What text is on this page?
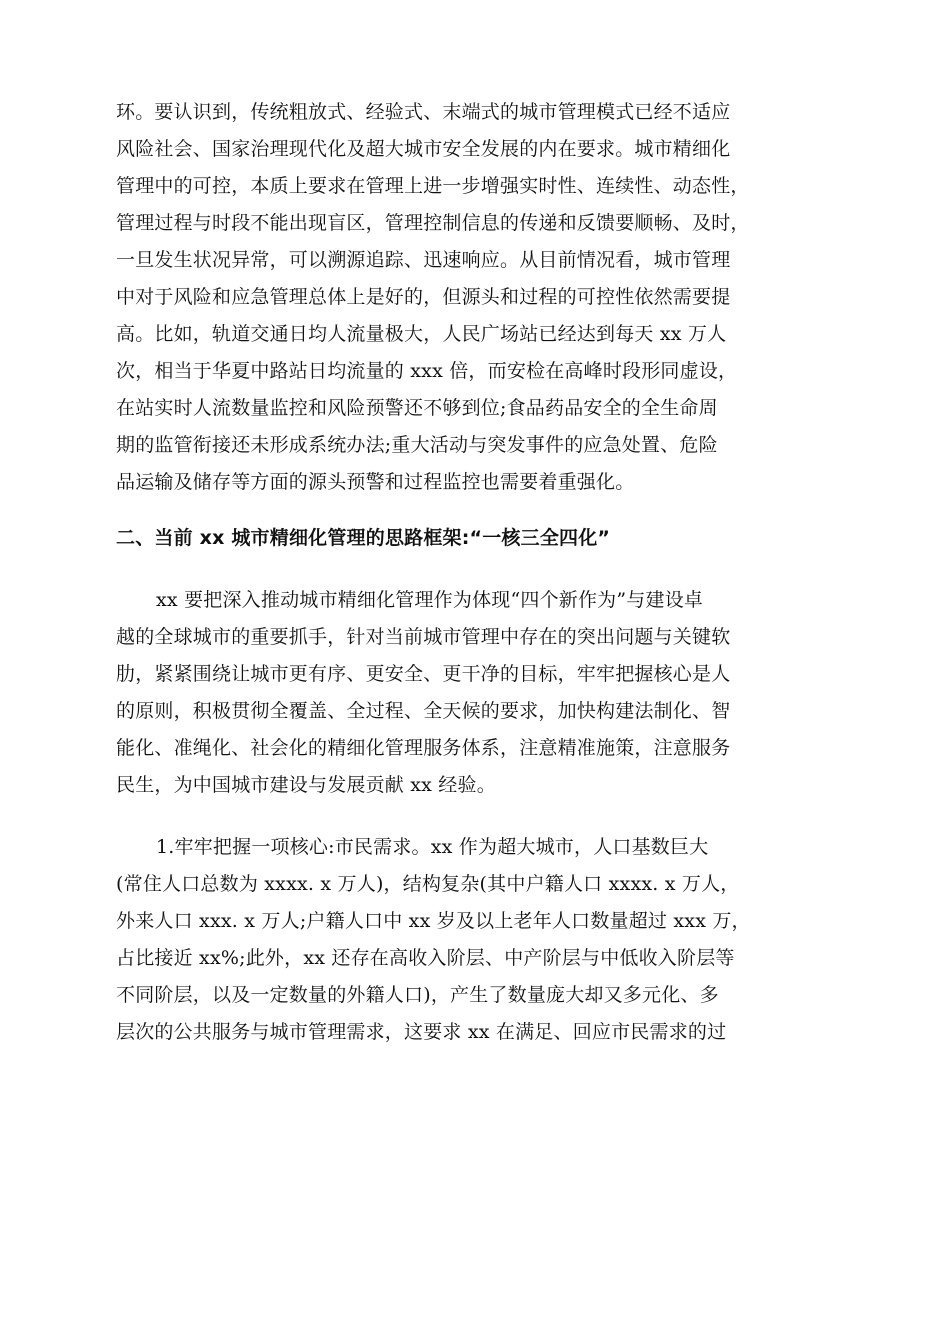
环。要认识到，传统粗放式、经验式、末端式的城市管理模式已经不适应
风险社会、国家治理现代化及超大城市安全发展的内在要求。城市精细化
管理中的可控，本质上要求在管理上进一步增强实时性、连续性、动态性，
管理过程与时段不能出现盲区，管理控制信息的传递和反馈要顺畅、及时，
一旦发生状况异常，可以溯源追踪、迅速响应。从目前情况看，城市管理
中对于风险和应急管理总体上是好的，但源头和过程的可控性依然需要提
高。比如，轨道交通日均人流量极大，人民广场站已经达到每天 xx 万人
次，相当于华夏中路站日均流量的 xxx 倍，而安检在高峰时段形同虚设，
在站实时人流数量监控和风险预警还不够到位;食品药品安全的全生命周
期的监管衔接还未形成系统办法;重大活动与突发事件的应急处置、危险
品运输及储存等方面的源头预警和过程监控也需要着重强化。
二、当前 xx 城市精细化管理的思路框架:“一核三全四化”
xx 要把深入推动城市精细化管理作为体现“四个新作为”与建设卓
越的全球城市的重要抓手，针对当前城市管理中存在的突出问题与关键软
肋，紧紧围绕让城市更有序、更安全、更干净的目标，牢牢把握核心是人
的原则，积极贯彻全覆盖、全过程、全天候的要求，加快构建法制化、智
能化、准绳化、社会化的精细化管理服务体系，注意精准施策，注意服务
民生，为中国城市建设与发展贡献 xx 经验。
1.牢牢把握一项核心:市民需求。xx 作为超大城市，人口基数巨大
(常住人口总数为 xxxx. x 万人)，结构复杂(其中户籍人口 xxxx. x 万人，
外来人口 xxx. x 万人;户籍人口中 xx 岁及以上老年人口数量超过 xxx 万，
占比接近 xx%;此外，xx 还存在高收入阶层、中产阶层与中低收入阶层等
不同阶层，以及一定数量的外籍人口)，产生了数量庞大却又多元化、多
层次的公共服务与城市管理需求，这要求 xx 在满足、回应市民需求的过
